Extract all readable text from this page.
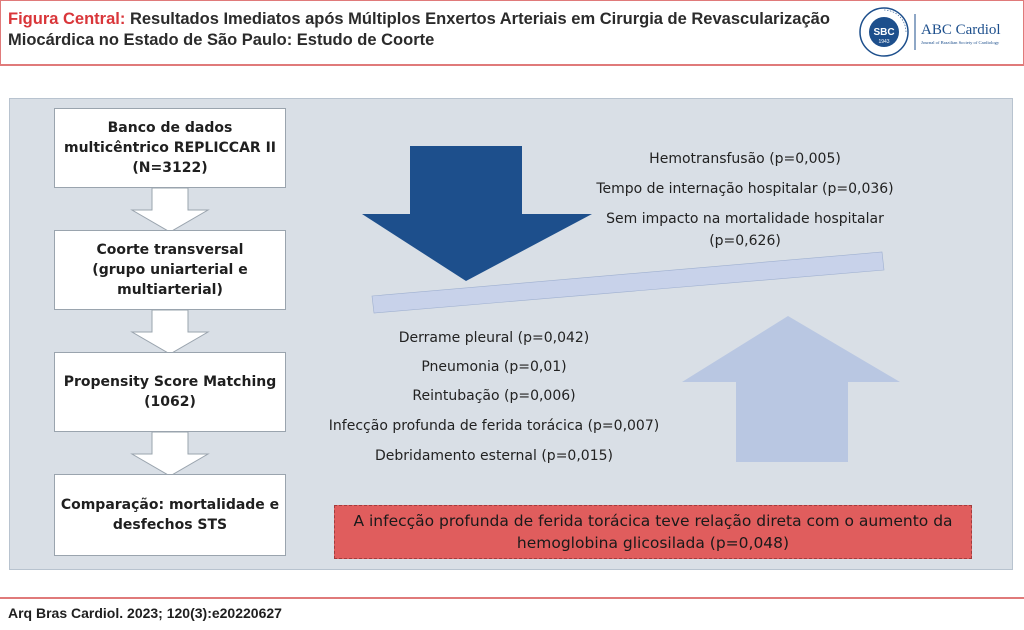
Figura Central: Resultados Imediatos após Múltiplos Enxertos Arteriais em Cirurgia de Revascularização Miocárdica no Estado de São Paulo: Estudo de Coorte	SBC
1943
ABC Cardiol
Journal of Brazilian Society of Cardiology
Banco de dados
multicêntrico REPLICCAR II
(N=3122)
Coorte transversal
(grupo uniarterial e
multiarterial)
Propensity Score Matching
(1062)
Comparação: mortalidade e
desfechos STS
Hemotransfusão (p=0,005)
Tempo de internação hospitalar (p=0,036)
Sem impacto na mortalidade hospitalar
(p=0,626)
Derrame pleural (p=0,042)
Pneumonia (p=0,01)
Reintubação (p=0,006)
Infecção profunda de ferida torácica (p=0,007)
Debridamento esternal (p=0,015)
A infecção profunda de ferida torácica teve relação direta com o aumento da hemoglobina glicosilada (p=0,048)
Arq Bras Cardiol. 2023; 120(3):e20220627
